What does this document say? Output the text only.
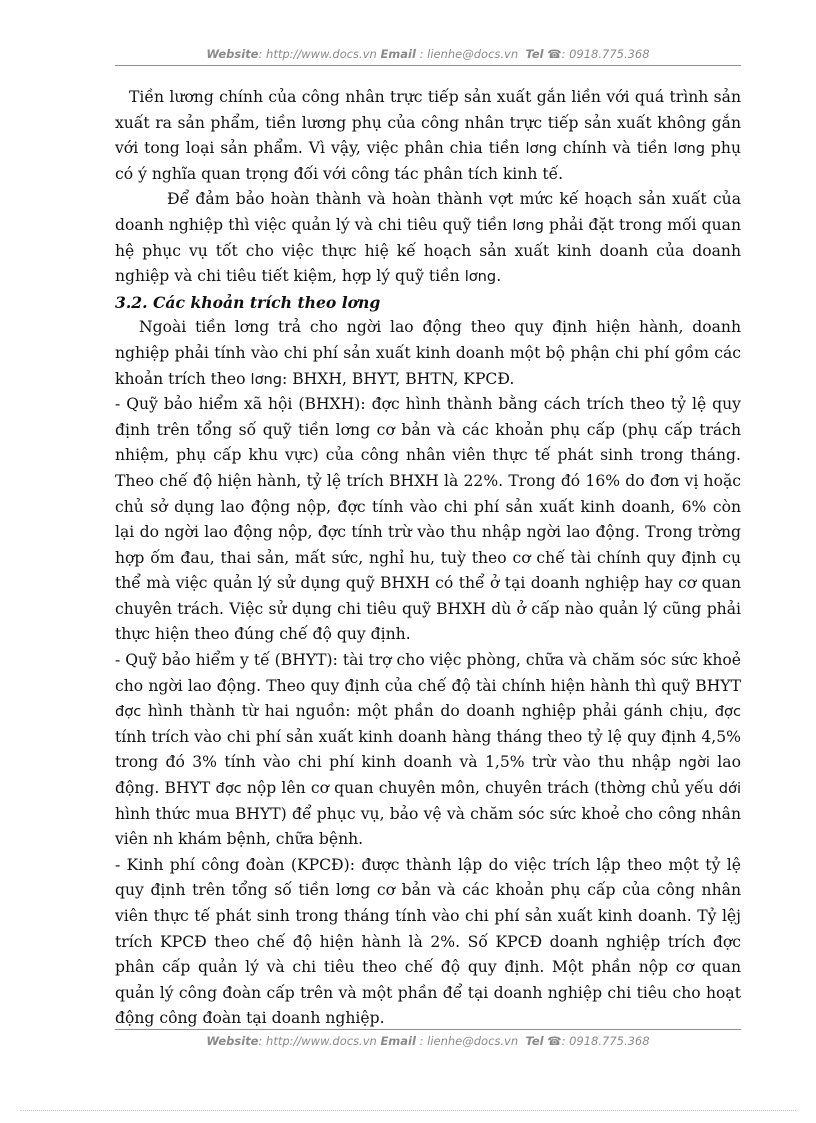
Website: http://www.docs.vn Email : lienhe@docs.vn Tel ☎: 0918.775.368

Tiền lương chính của công nhân trực tiếp sản xuất gắn liền với quá trình sản xuất ra sản phẩm, tiền lương phụ của công nhân trực tiếp sản xuất không gắn với tong loại sản phẩm. Vì vậy, việc phân chia tiền lơng chính và tiền lơng phụ có ý nghĩa quan trọng đối với công tác phân tích kinh tế.

Để đảm bảo hoàn thành và hoàn thành vợt mức kế hoạch sản xuất của doanh nghiệp thì việc quản lý và chi tiêu quỹ tiền lơng phải đặt trong mối quan hệ phục vụ tốt cho việc thực hiệ kế hoạch sản xuất kinh doanh của doanh nghiệp và chi tiêu tiết kiệm, hợp lý quỹ tiền lơng.

3.2. Các khoản trích theo lơng

Ngoài tiền lơng trả cho ngời lao động theo quy định hiện hành, doanh nghiệp phải tính vào chi phí sản xuất kinh doanh một bộ phận chi phí gồm các khoản trích theo lơng: BHXH, BHYT, BHTN, KPCĐ.

- Quỹ bảo hiểm xã hội (BHXH): đợc hình thành bằng cách trích theo tỷ lệ quy định trên tổng số quỹ tiền lơng cơ bản và các khoản phụ cấp (phụ cấp trách nhiệm, phụ cấp khu vực) của công nhân viên thực tế phát sinh trong tháng. Theo chế độ hiện hành, tỷ lệ trích BHXH là 22%. Trong đó 16% do đơn vị hoặc chủ sở dụng lao động nộp, đợc tính vào chi phí sản xuất kinh doanh, 6% còn lại do ngời lao động nộp, đợc tính trừ vào thu nhập ngời lao động. Trong trờng hợp ốm đau, thai sản, mất sức, nghỉ hu, tuỳ theo cơ chế tài chính quy định cụ thể mà việc quản lý sử dụng quỹ BHXH có thể ở tại doanh nghiệp hay cơ quan chuyên trách. Việc sử dụng chi tiêu quỹ BHXH dù ở cấp nào quản lý cũng phải thực hiện theo đúng chế độ quy định.

- Quỹ bảo hiểm y tế (BHYT): tài trợ cho việc phòng, chữa và chăm sóc sức khoẻ cho ngời lao động. Theo quy định của chế độ tài chính hiện hành thì quỹ BHYT đợc hình thành từ hai nguồn: một phần do doanh nghiệp phải gánh chịu, đợc tính trích vào chi phí sản xuất kinh doanh hàng tháng theo tỷ lệ quy định 4,5% trong đó 3% tính vào chi phí kinh doanh và 1,5% trừ vào thu nhập ngời lao động. BHYT đợc nộp lên cơ quan chuyên môn, chuyên trách (thờng chủ yếu dới hình thức mua BHYT) để phục vụ, bảo vệ và chăm sóc sức khoẻ cho công nhân viên nh khám bệnh, chữa bệnh.

- Kinh phí công đoàn (KPCĐ): được thành lập do việc trích lập theo một tỷ lệ quy định trên tổng số tiền lơng cơ bản và các khoản phụ cấp của công nhân viên thực tế phát sinh trong tháng tính vào chi phí sản xuất kinh doanh. Tỷ lệj trích KPCĐ theo chế độ hiện hành là 2%. Số KPCĐ doanh nghiệp trích đợc phân cấp quản lý và chi tiêu theo chế độ quy định. Một phần nộp cơ quan quản lý công đoàn cấp trên và một phần để tại doanh nghiệp chi tiêu cho hoạt động công đoàn tại doanh nghiệp.

Website: http://www.docs.vn Email : lienhe@docs.vn Tel ☎: 0918.775.368
